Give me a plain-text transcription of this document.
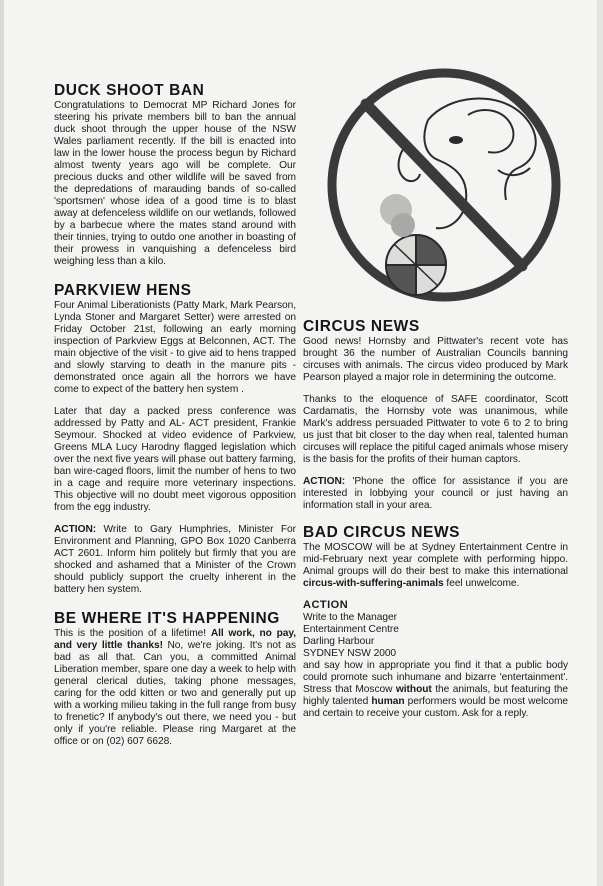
DUCK SHOOT BAN

Congratulations to Democrat MP Richard Jones for steering his private members bill to ban the annual duck shoot through the upper house of the NSW Wales parliament recently. If the bill is enacted into law in the lower house the process begun by Richard almost twenty years ago will be complete. Our precious ducks and other wildlife will be saved from the depredations of marauding bands of so-called 'sportsmen' whose idea of a good time is to blast away at defenceless wildlife on our wetlands, followed by a barbecue where the mates stand around with their tinnies, trying to outdo one another in boasting of their prowess in vanquishing a defenceless bird weighing less than a kilo.

PARKVIEW HENS

Four Animal Liberationists (Patty Mark, Mark Pearson, Lynda Stoner and Margaret Setter) were arrested on Friday October 21st, following an early morning inspection of Parkview Eggs at Belconnen, ACT. The main objective of the visit - to give aid to hens trapped and slowly starving to death in the manure pits - demonstrated once again all the horrors we have come to expect of the battery hen system .

Later that day a packed press conference was addressed by Patty and AL- ACT president, Frankie Seymour. Shocked at video evidence of Parkview, Greens MLA Lucy Harodny flagged legislation which over the next five years will phase out battery farming, ban wire-caged floors, limit the number of hens to two in a cage and require more veterinary inspections. This objective will no doubt meet vigorous opposition from the egg industry.

ACTION: Write to Gary Humphries, Minister For Environment and Planning, GPO Box 1020 Canberra ACT 2601. Inform him politely but firmly that you are shocked and ashamed that a Minister of the Crown should publicly support the cruelty inherent in the battery hen system.

BE WHERE IT'S HAPPENING

This is the position of a lifetime! All work, no pay, and very little thanks! No, we're joking. It's not as bad as all that. Can you, a committed Animal Liberation member, spare one day a week to help with general clerical duties, taking phone messages, caring for the odd kitten or two and generally put up with a working milieu taking in the full range from busy to frenetic? If anybody's out there, we need you - but only if you're reliable. Please ring Margaret at the office or on (02) 607 6628.

CIRCUS NEWS

Good news! Hornsby and Pittwater's recent vote has brought 36 the number of Australian Councils banning circuses with animals. The circus video produced by Mark Pearson played a major role in determining the outcome.

Thanks to the eloquence of SAFE coordinator, Scott Cardamatis, the Hornsby vote was unanimous, while Mark's address persuaded Pittwater to vote 6 to 2 to bring us just that bit closer to the day when real, talented human circuses will replace the pitiful caged animals whose misery is the basis for the profits of their human captors.

ACTION: 'Phone the office for assistance if you are interested in lobbying your council or just having an information stall in your area.

BAD CIRCUS NEWS

The MOSCOW will be at Sydney Entertainment Centre in mid-February next year complete with performing hippo. Animal groups will do their best to make this international circus-with-suffering-animals feel unwelcome.

ACTION

Write to the Manager

Entertainment Centre

Darling Harbour

SYDNEY NSW 2000

and say how in appropriate you find it that a public body could promote such inhumane and bizarre 'entertainment'. Stress that Moscow without the animals, but featuring the highly talented human performers would be most welcome and certain to receive your custom. Ask for a reply.
